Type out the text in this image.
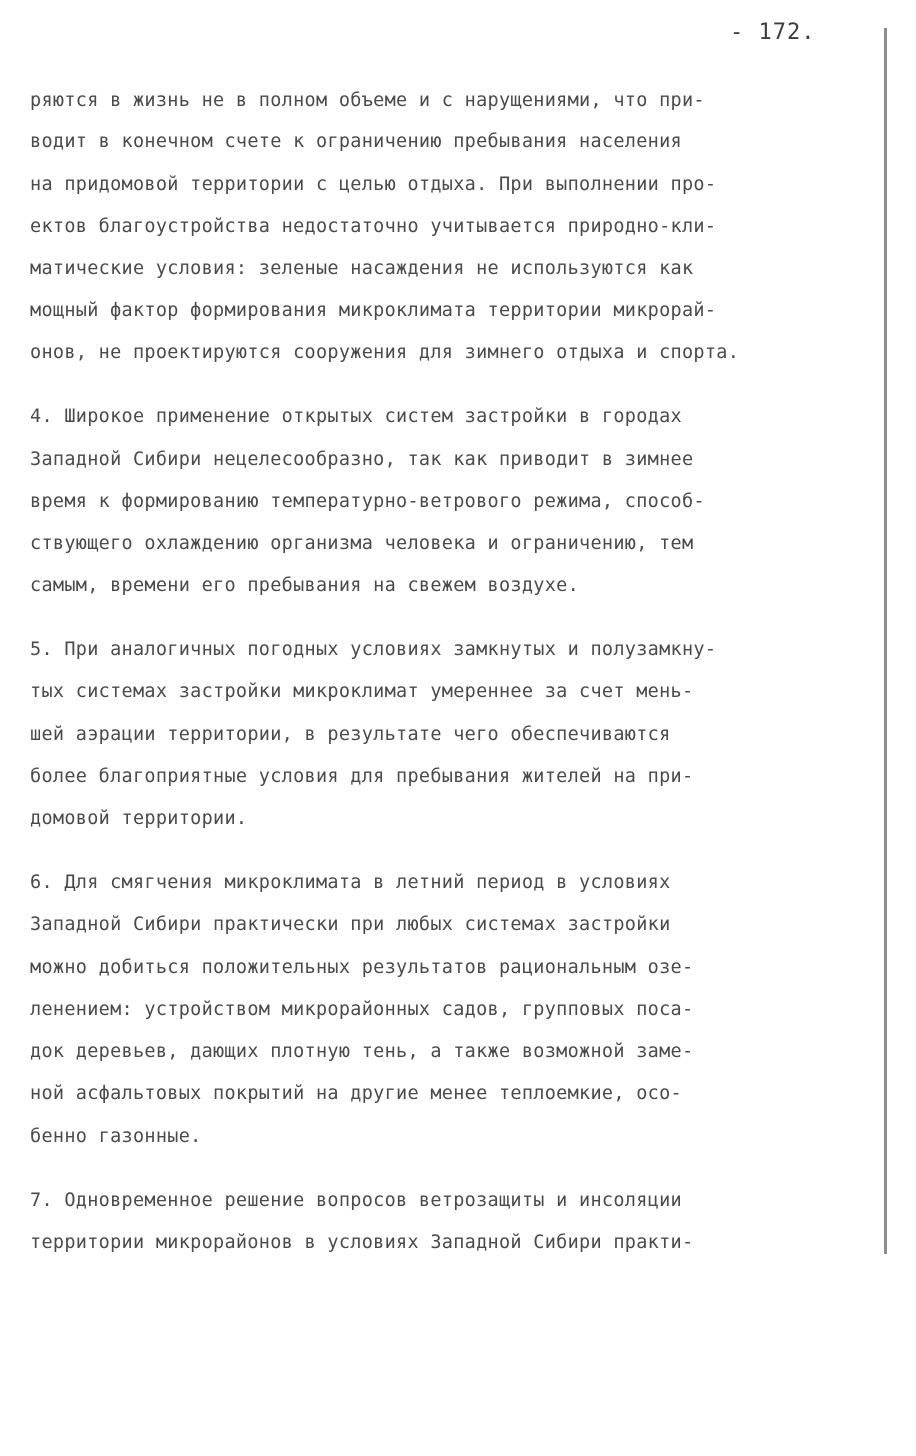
- 172.
ряются в жизнь не в полном объеме и с нарущениями, что при-
водит в конечном счете к ограничению пребывания населения
на придомовой территории с целью отдыха. При выполнении про-
ектов благоустройства недостаточно учитывается природно-кли-
матические условия: зеленые насаждения не используются как
мощный фактор формирования микроклимата территории микрорай-
онов, не проектируются сооружения для зимнего отдыха и спорта.
4. Широкое применение открытых систем застройки в городах
Западной Сибири нецелесообразно, так как приводит в зимнее
время к формированию температурно-ветрового режима, способ-
ствующего охлаждению организма человека и ограничению, тем
самым, времени его пребывания на свежем воздухе.
5. При аналогичных погодных условиях замкнутых и полузамкну-
тых системах застройки микроклимат умереннее за счет мень-
шей аэрации территории, в результате чего обеспечиваются
более благоприятные условия для пребывания жителей на при-
домовой территории.
6. Для смягчения микроклимата в летний период в условиях
Западной Сибири практически при любых системах застройки
можно добиться положительных результатов рациональным озе-
ленением: устройством микрорайонных садов, групповых поса-
док деревьев, дающих плотную тень, а также возможной заме-
ной асфальтовых покрытий на другие менее теплоемкие, осо-
бенно газонные.
7. Одновременное решение вопросов ветрозащиты и инсоляции
территории микрорайонов в условиях Западной Сибири практи-
